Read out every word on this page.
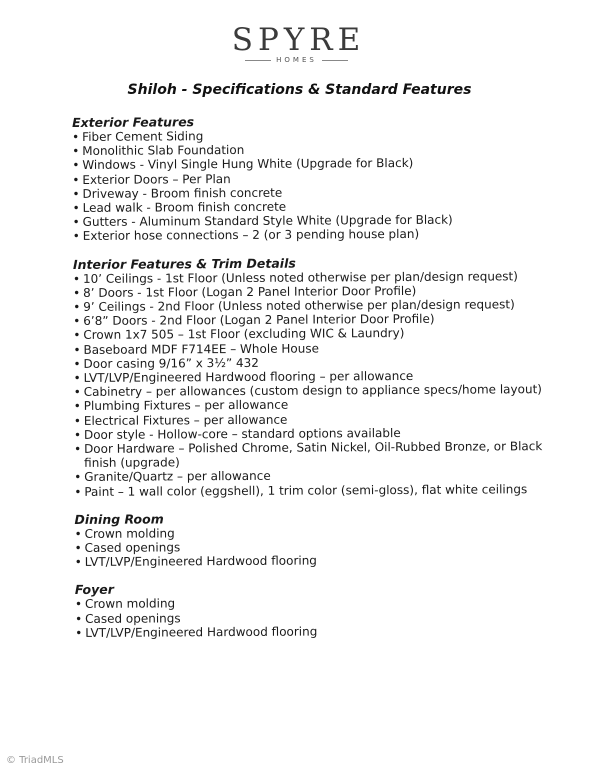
SPYRE
HOMES
Shiloh - Specifications & Standard Features
Exterior Features
• Fiber Cement Siding
• Monolithic Slab Foundation
• Windows - Vinyl Single Hung White (Upgrade for Black)
• Exterior Doors – Per Plan
• Driveway - Broom finish concrete
• Lead walk - Broom finish concrete
• Gutters - Aluminum Standard Style White (Upgrade for Black)
• Exterior hose connections – 2 (or 3 pending house plan)
Interior Features & Trim Details
• 10’ Ceilings - 1st Floor (Unless noted otherwise per plan/design request)
• 8’ Doors - 1st Floor (Logan 2 Panel Interior Door Profile)
• 9’ Ceilings - 2nd Floor (Unless noted otherwise per plan/design request)
• 6’8” Doors - 2nd Floor (Logan 2 Panel Interior Door Profile)
• Crown 1x7 505 – 1st Floor (excluding WIC & Laundry)
• Baseboard MDF F714EE – Whole House
• Door casing 9/16” x 3½” 432
• LVT/LVP/Engineered Hardwood flooring – per allowance
• Cabinetry – per allowances (custom design to appliance specs/home layout)
• Plumbing Fixtures – per allowance
• Electrical Fixtures – per allowance
• Door style - Hollow-core – standard options available
• Door Hardware – Polished Chrome, Satin Nickel, Oil-Rubbed Bronze, or Black finish (upgrade)
• Granite/Quartz – per allowance
• Paint – 1 wall color (eggshell), 1 trim color (semi-gloss), flat white ceilings
Dining Room
• Crown molding
• Cased openings
• LVT/LVP/Engineered Hardwood flooring
Foyer
• Crown molding
• Cased openings
• LVT/LVP/Engineered Hardwood flooring
© TriadMLS
